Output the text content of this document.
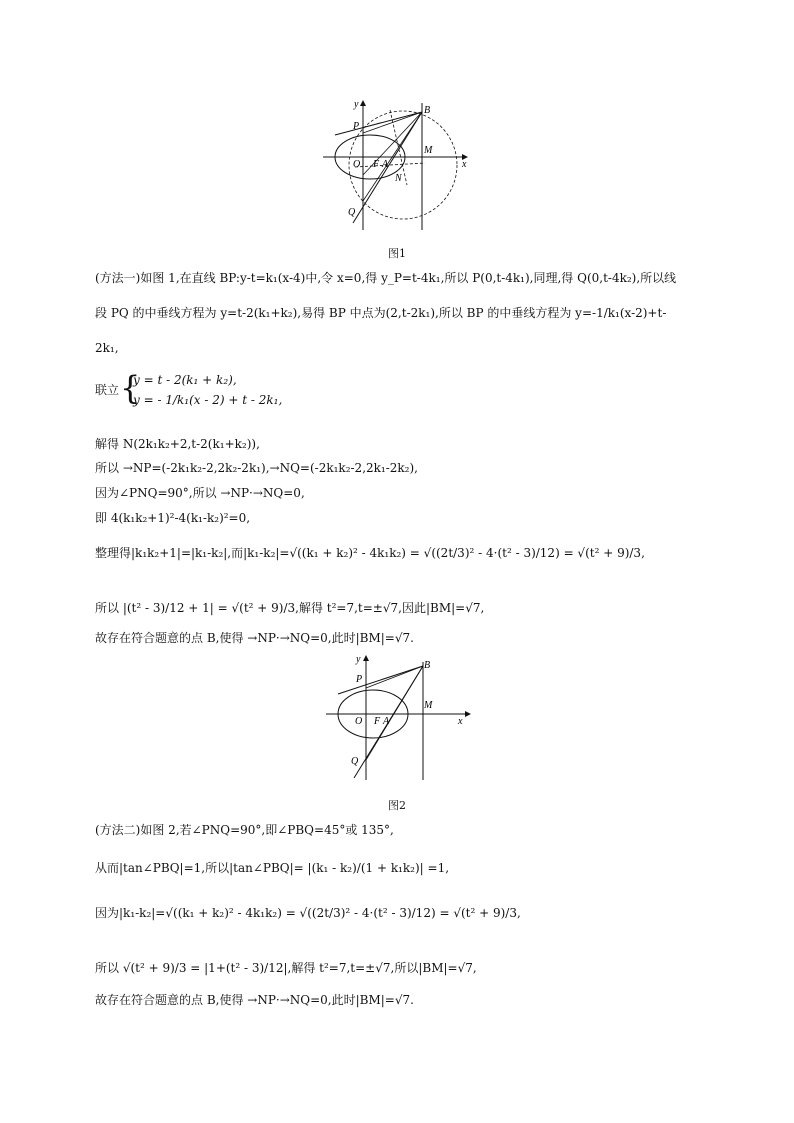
y
x
B
P
M
O F A
N
Q
图1
(方法一)如图 1,在直线 BP:y-t=k₁(x-4)中,令 x=0,得 y_P=t-4k₁,所以 P(0,t-4k₁),同理,得 Q(0,t-4k₂),所以线
段 PQ 的中垂线方程为 y=t-2(k₁+k₂),易得 BP 中点为(2,t-2k₁),所以 BP 的中垂线方程为 y=-1/k₁(x-2)+t-
2k₁,
联立 {
y = t - 2(k₁ + k₂),
y = - 1/k₁(x - 2) + t - 2k₁,
解得 N(2k₁k₂+2,t-2(k₁+k₂)),
所以 →NP=(-2k₁k₂-2,2k₂-2k₁),→NQ=(-2k₁k₂-2,2k₁-2k₂),
因为∠PNQ=90°,所以 →NP·→NQ=0,
即 4(k₁k₂+1)²-4(k₁-k₂)²=0,
整理得|k₁k₂+1|=|k₁-k₂|,而|k₁-k₂|=√((k₁ + k₂)² - 4k₁k₂) = √((2t/3)² - 4·(t² - 3)/12) = √(t² + 9)/3,
所以 |(t² - 3)/12 + 1| = √(t² + 9)/3,解得 t²=7,t=±√7,因此|BM|=√7,
故存在符合题意的点 B,使得 →NP·→NQ=0,此时|BM|=√7.
y
x
B
P
M
O F A
Q
图2
(方法二)如图 2,若∠PNQ=90°,即∠PBQ=45°或 135°,
从而|tan∠PBQ|=1,所以|tan∠PBQ|= |(k₁ - k₂)/(1 + k₁k₂)| =1,
因为|k₁-k₂|=√((k₁ + k₂)² - 4k₁k₂) = √((2t/3)² - 4·(t² - 3)/12) = √(t² + 9)/3,
所以 √(t² + 9)/3 = |1+(t² - 3)/12|,解得 t²=7,t=±√7,所以|BM|=√7,
故存在符合题意的点 B,使得 →NP·→NQ=0,此时|BM|=√7.
